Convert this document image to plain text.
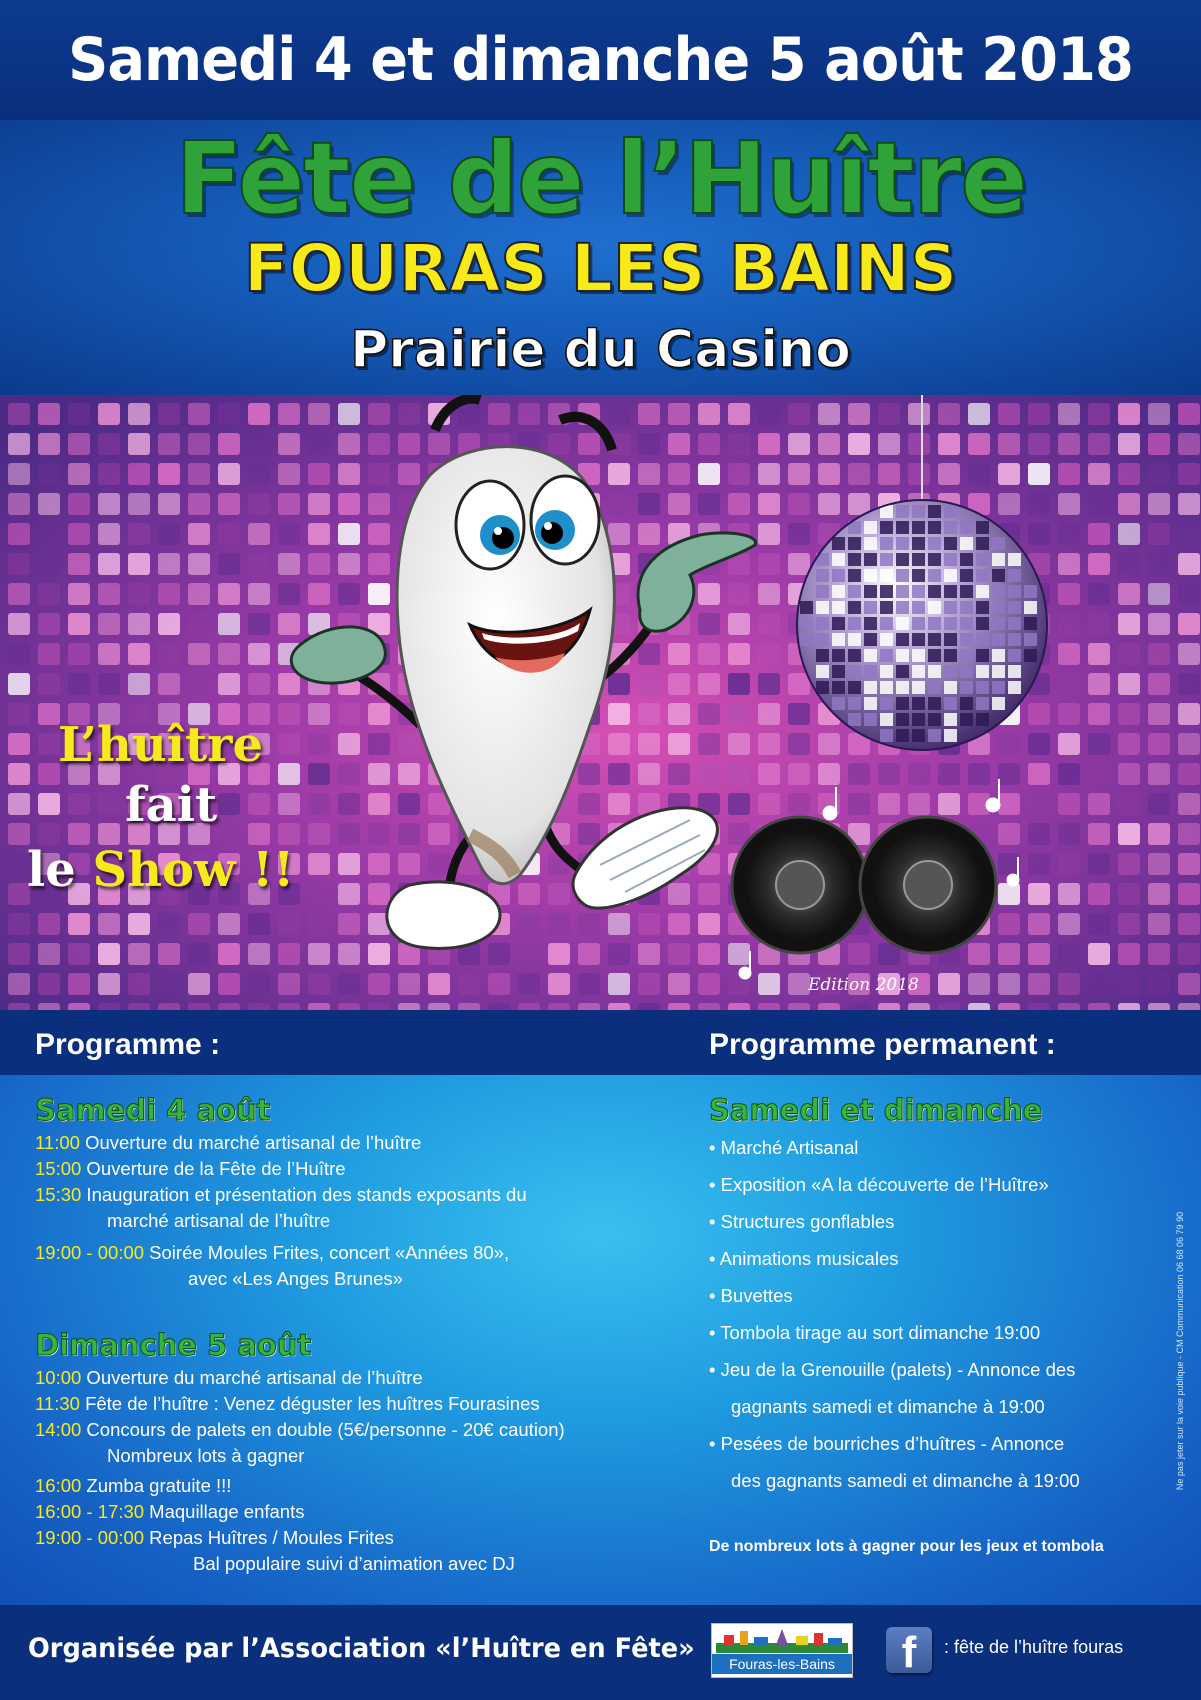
Samedi 4 et dimanche 5 août 2018
Fête de l’Huître
FOURAS LES BAINS
Prairie du Casino
L’huître
fait
le Show !!
Edition 2018
Programme :	Programme permanent :
Samedi 4 août
11:00 Ouverture du marché artisanal de l’huître
15:00 Ouverture de la Fête de l’Huître
15:30 Inauguration et présentation des stands exposants du
marché artisanal de l’huître
19:00 - 00:00 Soirée Moules Frites, concert «Années 80»,
avec «Les Anges Brunes»
Dimanche 5 août
10:00 Ouverture du marché artisanal de l’huître
11:30 Fête de l’huître : Venez déguster les huîtres Fourasines
14:00 Concours de palets en double (5€/personne - 20€ caution)
Nombreux lots à gagner
16:00 Zumba gratuite !!!
16:00 - 17:30 Maquillage enfants
19:00 - 00:00 Repas Huîtres / Moules Frites
Bal populaire suivi d’animation avec DJ
Samedi et dimanche
• Marché Artisanal
• Exposition «A la découverte de l’Huître»
• Structures gonflables
• Animations musicales
• Buvettes
• Tombola tirage au sort dimanche 19:00
• Jeu de la Grenouille (palets) - Annonce des
gagnants samedi et dimanche à 19:00
• Pesées de bourriches d’huîtres - Annonce
des gagnants samedi et dimanche à 19:00
De nombreux lots à gagner pour les jeux et tombola
Ne pas jeter sur la voie publique - CM Communication 06 68 06 79 90
Organisée par l’Association «l’Huître en Fête»	Fouras-les-Bains	f	: fête de l’huître fouras
